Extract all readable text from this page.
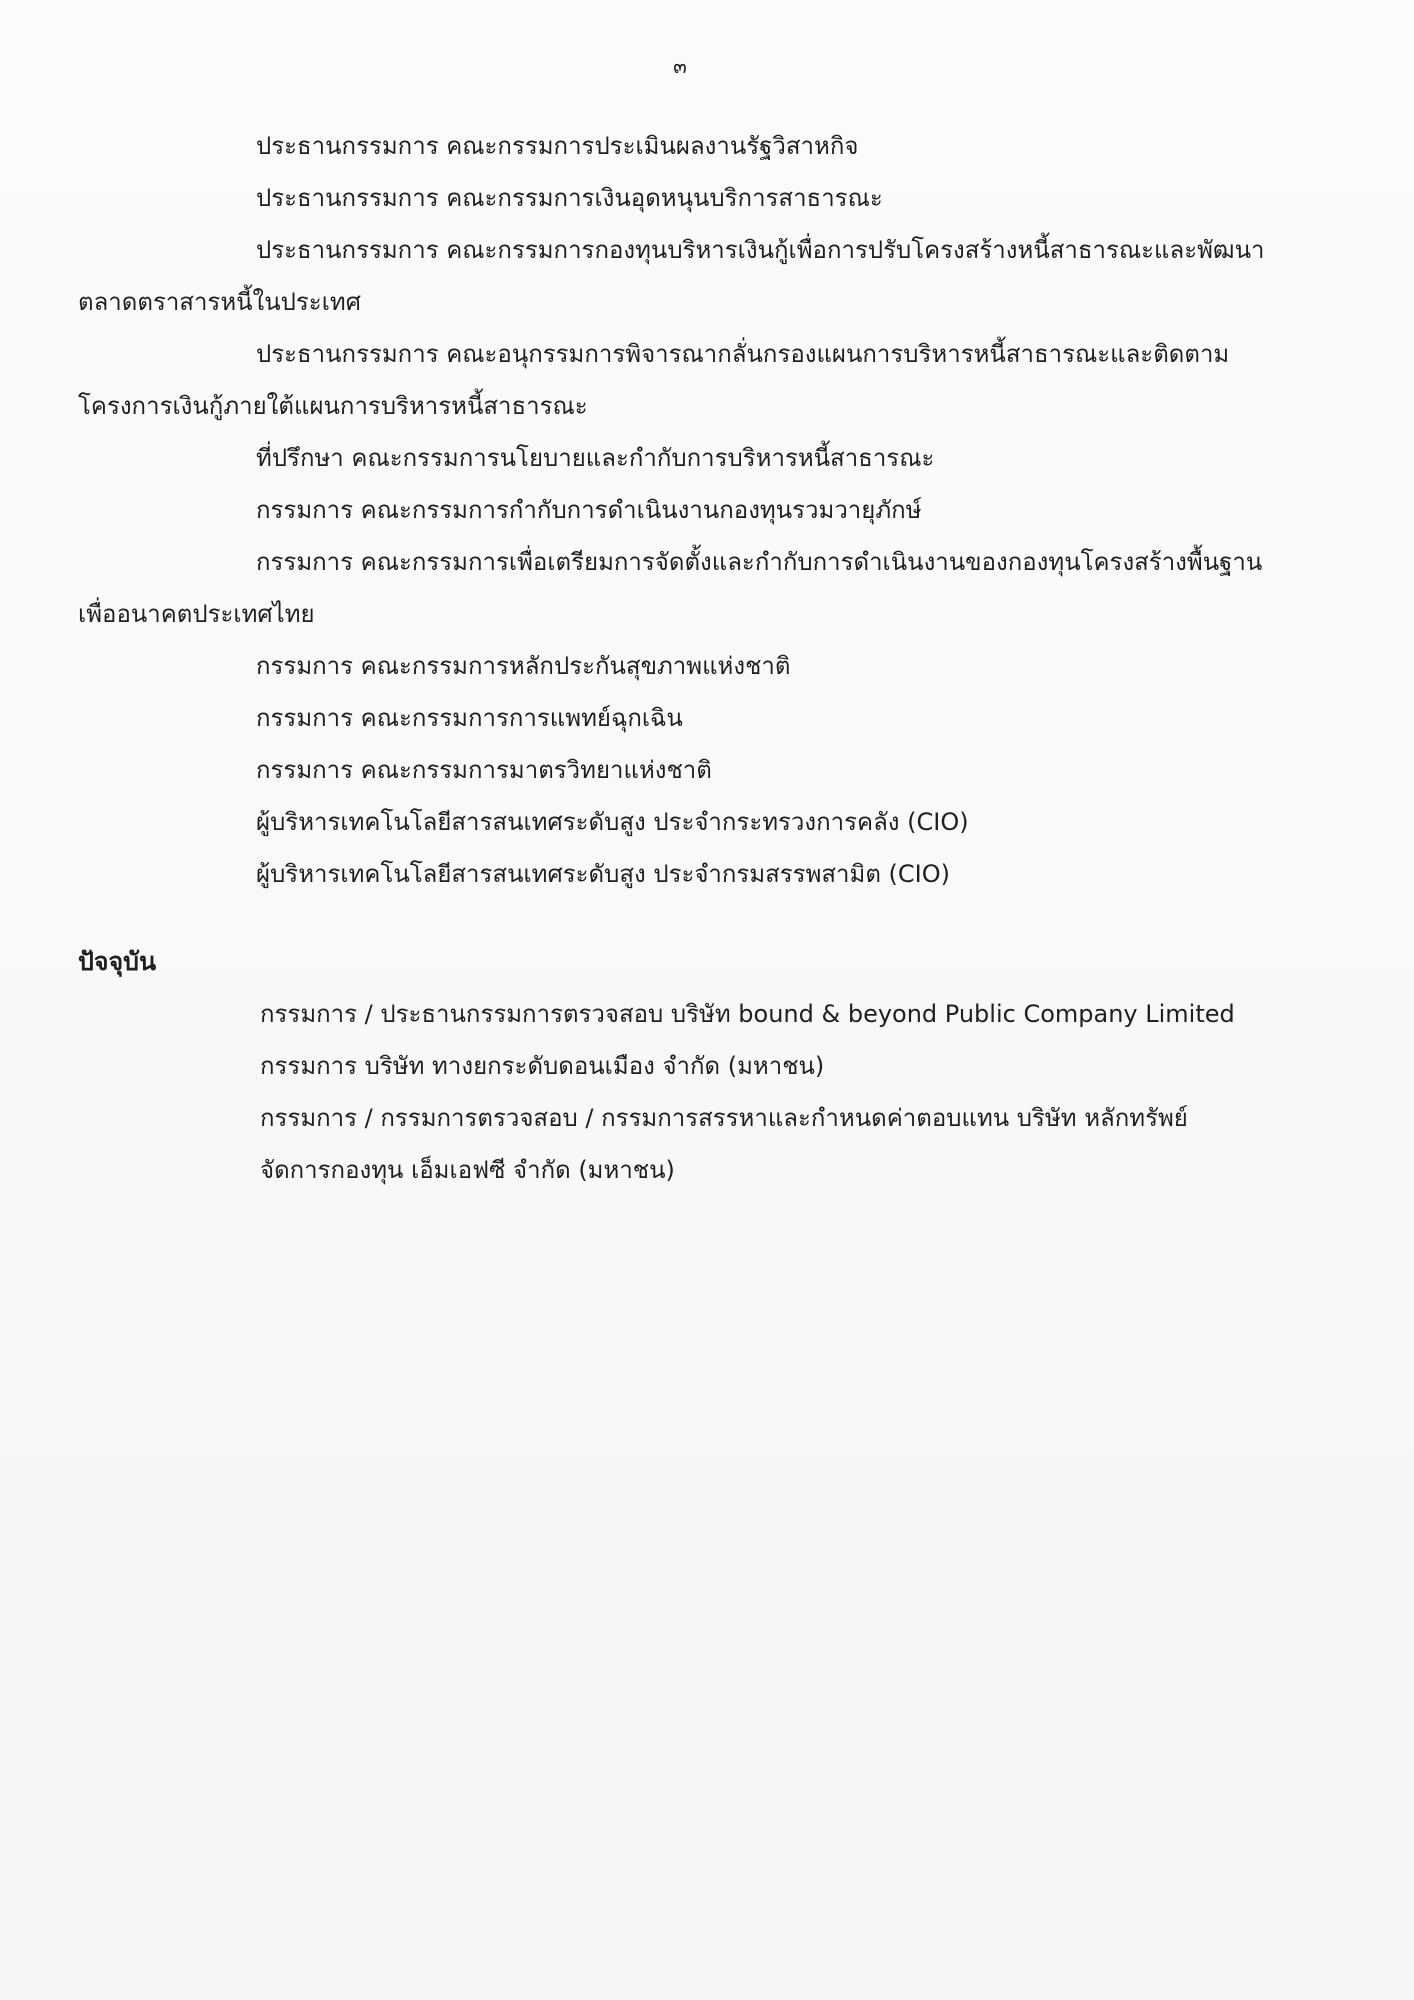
๓
ประธานกรรมการ คณะกรรมการประเมินผลงานรัฐวิสาหกิจ
ประธานกรรมการ คณะกรรมการเงินอุดหนุนบริการสาธารณะ
ประธานกรรมการ คณะกรรมการกองทุนบริหารเงินกู้เพื่อการปรับโครงสร้างหนี้สาธารณะและพัฒนา
ตลาดตราสารหนี้ในประเทศ
ประธานกรรมการ คณะอนุกรรมการพิจารณากลั่นกรองแผนการบริหารหนี้สาธารณะและติดตาม
โครงการเงินกู้ภายใต้แผนการบริหารหนี้สาธารณะ
ที่ปรึกษา คณะกรรมการนโยบายและกำกับการบริหารหนี้สาธารณะ
กรรมการ คณะกรรมการกำกับการดำเนินงานกองทุนรวมวายุภักษ์
กรรมการ คณะกรรมการเพื่อเตรียมการจัดตั้งและกำกับการดำเนินงานของกองทุนโครงสร้างพื้นฐาน
เพื่ออนาคตประเทศไทย
กรรมการ คณะกรรมการหลักประกันสุขภาพแห่งชาติ
กรรมการ คณะกรรมการการแพทย์ฉุกเฉิน
กรรมการ คณะกรรมการมาตรวิทยาแห่งชาติ
ผู้บริหารเทคโนโลยีสารสนเทศระดับสูง ประจำกระทรวงการคลัง (CIO)
ผู้บริหารเทคโนโลยีสารสนเทศระดับสูง ประจำกรมสรรพสามิต (CIO)
ปัจจุบัน
กรรมการ / ประธานกรรมการตรวจสอบ บริษัท bound & beyond Public Company Limited
กรรมการ บริษัท ทางยกระดับดอนเมือง จำกัด (มหาชน)
กรรมการ / กรรมการตรวจสอบ / กรรมการสรรหาและกำหนดค่าตอบแทน บริษัท หลักทรัพย์
จัดการกองทุน เอ็มเอฟซี จำกัด (มหาชน)
